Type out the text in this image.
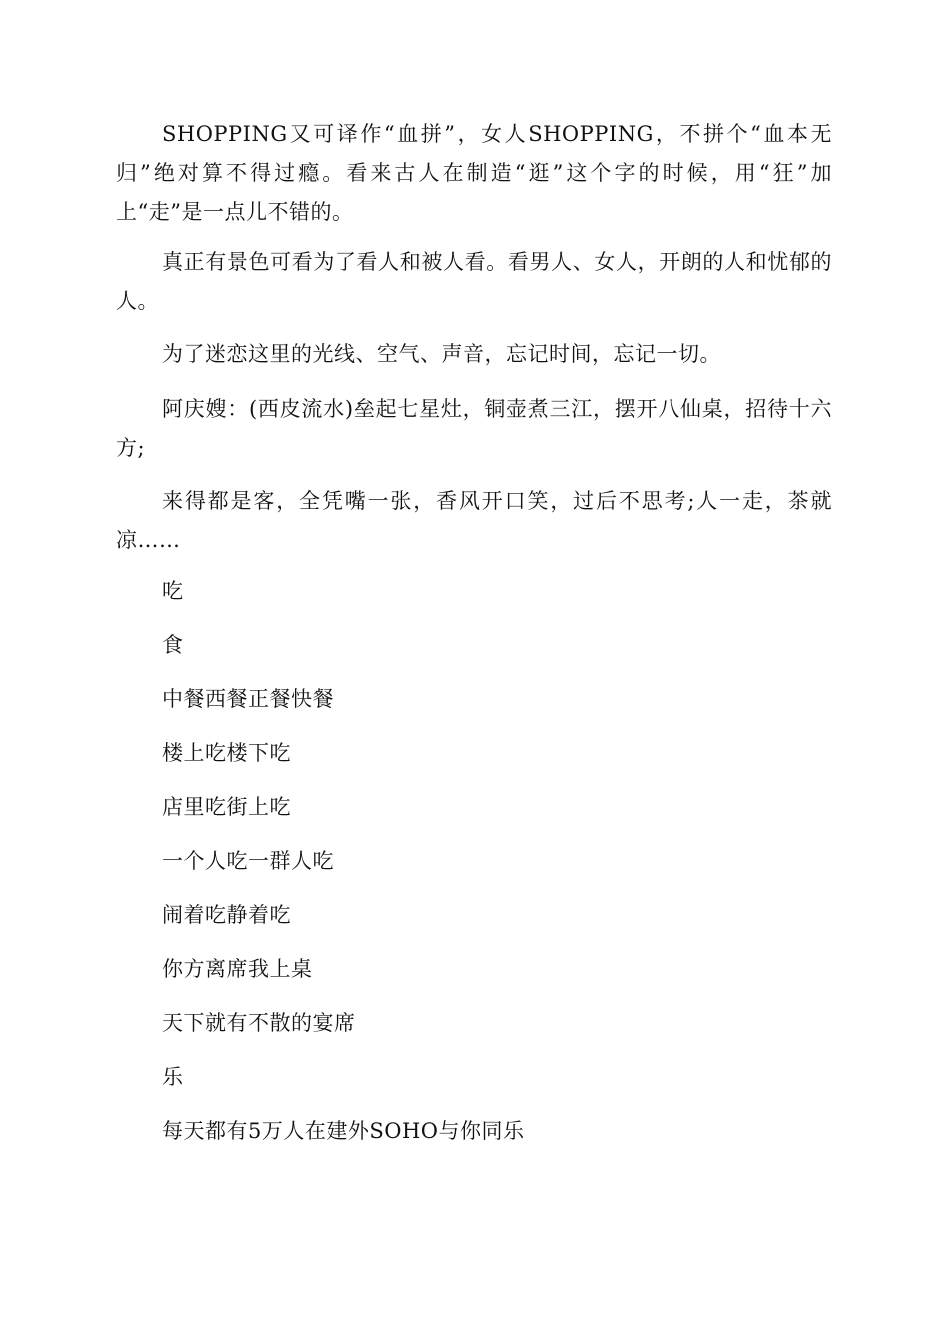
SHOPPING又可译作“血拼”，女人SHOPPING，不拼个“血本无归”绝对算不得过瘾。看来古人在制造“逛”这个字的时候，用“狂”加上“走”是一点儿不错的。

真正有景色可看为了看人和被人看。看男人、女人，开朗的人和忧郁的人。

为了迷恋这里的光线、空气、声音，忘记时间，忘记一切。

阿庆嫂：(西皮流水)垒起七星灶，铜壶煮三江，摆开八仙桌，招待十六方;

来得都是客，全凭嘴一张，香风开口笑，过后不思考;人一走，茶就凉……

吃

食

中餐西餐正餐快餐

楼上吃楼下吃

店里吃街上吃

一个人吃一群人吃

闹着吃静着吃

你方离席我上桌

天下就有不散的宴席

乐

每天都有5万人在建外SOHO与你同乐
